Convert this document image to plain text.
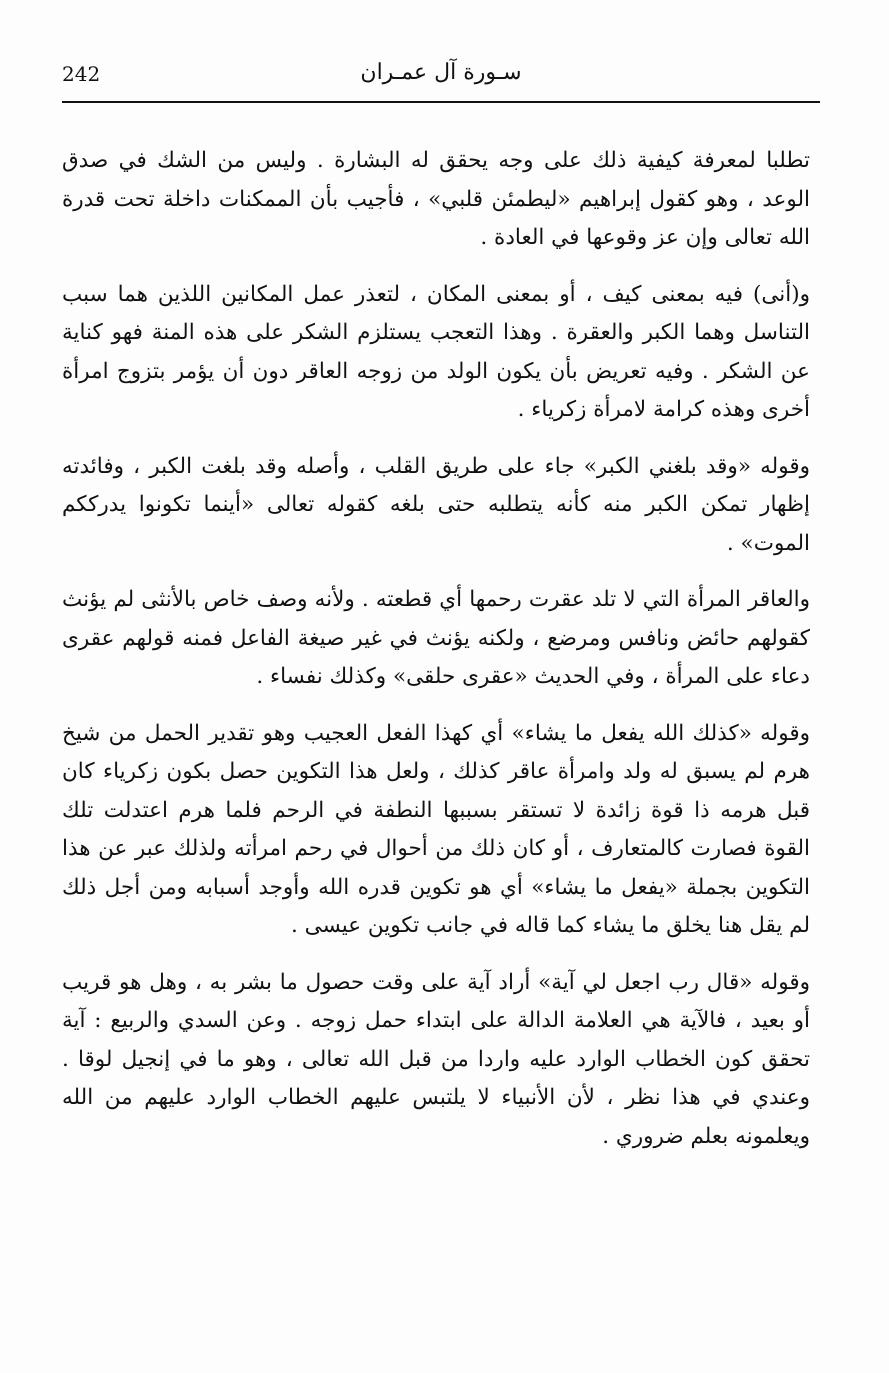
242	سـورة آل عمـران

تطلبا لمعرفة كيفية ذلك على وجه يحقق له البشارة . وليس من الشك في صدق الوعد ، وهو كقول إبراهيم «ليطمئن قلبي» ، فأجيب بأن الممكنات داخلة تحت قدرة الله تعالى وإن عز وقوعها في العادة .

و(أنى) فيه بمعنى كيف ، أو بمعنى المكان ، لتعذر عمل المكانين اللذين هما سبب التناسل وهما الكبر والعقرة . وهذا التعجب يستلزم الشكر على هذه المنة فهو كناية عن الشكر . وفيه تعريض بأن يكون الولد من زوجه العاقر دون أن يؤمر بتزوج امرأة أخرى وهذه كرامة لامرأة زكرياء .

وقوله «وقد بلغني الكبر» جاء على طريق القلب ، وأصله وقد بلغت الكبر ، وفائدته إظهار تمكن الكبر منه كأنه يتطلبه حتى بلغه كقوله تعالى «أينما تكونوا يدرككم الموت» .

والعاقر المرأة التي لا تلد عقرت رحمها أي قطعته . ولأنه وصف خاص بالأنثى لم يؤنث كقولهم حائض ونافس ومرضع ، ولكنه يؤنث في غير صيغة الفاعل فمنه قولهم عقرى دعاء على المرأة ، وفي الحديث «عقرى حلقى» وكذلك نفساء .

وقوله «كذلك الله يفعل ما يشاء» أي كهذا الفعل العجيب وهو تقدير الحمل من شيخ هرم لم يسبق له ولد وامرأة عاقر كذلك ، ولعل هذا التكوين حصل بكون زكرياء كان قبل هرمه ذا قوة زائدة لا تستقر بسببها النطفة في الرحم فلما هرم اعتدلت تلك القوة فصارت كالمتعارف ، أو كان ذلك من أحوال في رحم امرأته ولذلك عبر عن هذا التكوين بجملة «يفعل ما يشاء» أي هو تكوين قدره الله وأوجد أسبابه ومن أجل ذلك لم يقل هنا يخلق ما يشاء كما قاله في جانب تكوين عيسى .

وقوله «قال رب اجعل لي آية» أراد آية على وقت حصول ما بشر به ، وهل هو قريب أو بعيد ، فالآية هي العلامة الدالة على ابتداء حمل زوجه . وعن السدي والربيع : آية تحقق كون الخطاب الوارد عليه واردا من قبل الله تعالى ، وهو ما في إنجيل لوقا . وعندي في هذا نظر ، لأن الأنبياء لا يلتبس عليهم الخطاب الوارد عليهم من الله ويعلمونه بعلم ضروري .
